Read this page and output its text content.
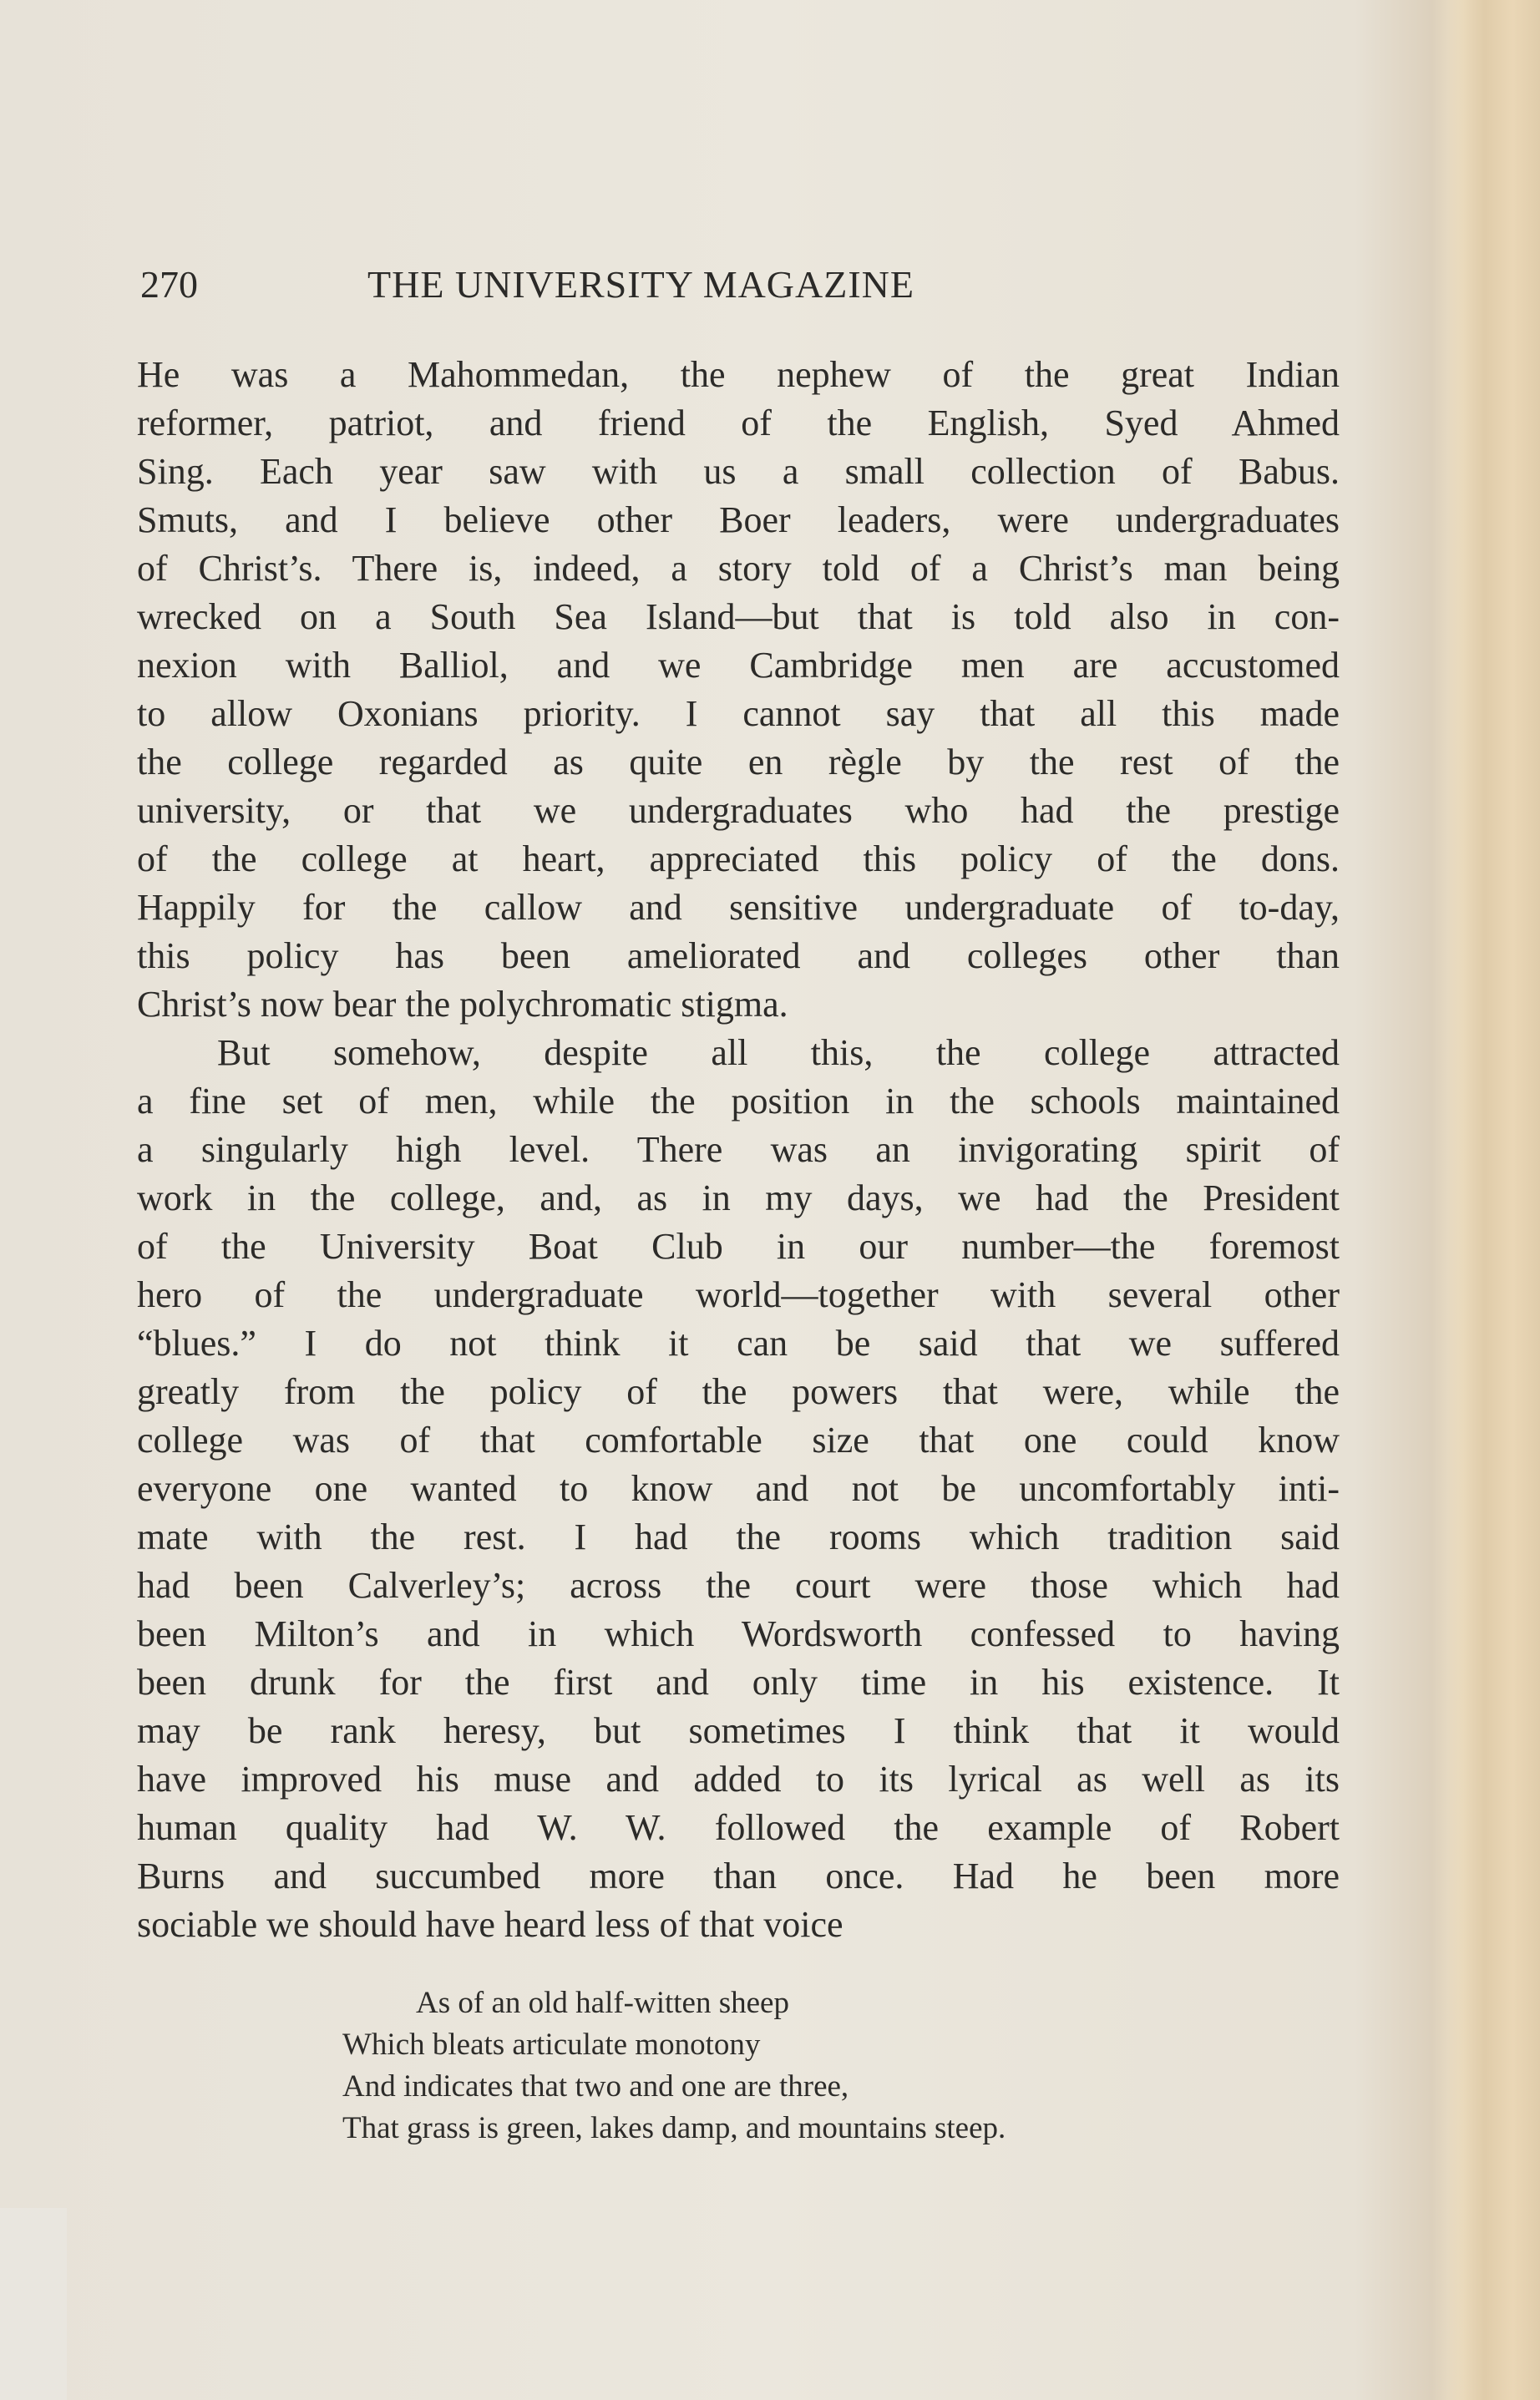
270	THE UNIVERSITY MAGAZINE
He was a Mahommedan, the nephew of the great Indian
reformer, patriot, and friend of the English, Syed Ahmed
Sing. Each year saw with us a small collection of Babus.
Smuts, and I believe other Boer leaders, were undergraduates
of Christ’s. There is, indeed, a story told of a Christ’s man being
wrecked on a South Sea Island—but that is told also in con-
nexion with Balliol, and we Cambridge men are accustomed
to allow Oxonians priority. I cannot say that all this made
the college regarded as quite en règle by the rest of the
university, or that we undergraduates who had the prestige
of the college at heart, appreciated this policy of the dons.
Happily for the callow and sensitive undergraduate of to-day,
this policy has been ameliorated and colleges other than
Christ’s now bear the polychromatic stigma.
But somehow, despite all this, the college attracted
a fine set of men, while the position in the schools maintained
a singularly high level. There was an invigorating spirit of
work in the college, and, as in my days, we had the President
of the University Boat Club in our number—the foremost
hero of the undergraduate world—together with several other
“blues.” I do not think it can be said that we suffered
greatly from the policy of the powers that were, while the
college was of that comfortable size that one could know
everyone one wanted to know and not be uncomfortably inti-
mate with the rest. I had the rooms which tradition said
had been Calverley’s; across the court were those which had
been Milton’s and in which Wordsworth confessed to having
been drunk for the first and only time in his existence. It
may be rank heresy, but sometimes I think that it would
have improved his muse and added to its lyrical as well as its
human quality had W. W. followed the example of Robert
Burns and succumbed more than once. Had he been more
sociable we should have heard less of that voice
As of an old half-witten sheep
Which bleats articulate monotony
And indicates that two and one are three,
That grass is green, lakes damp, and mountains steep.
